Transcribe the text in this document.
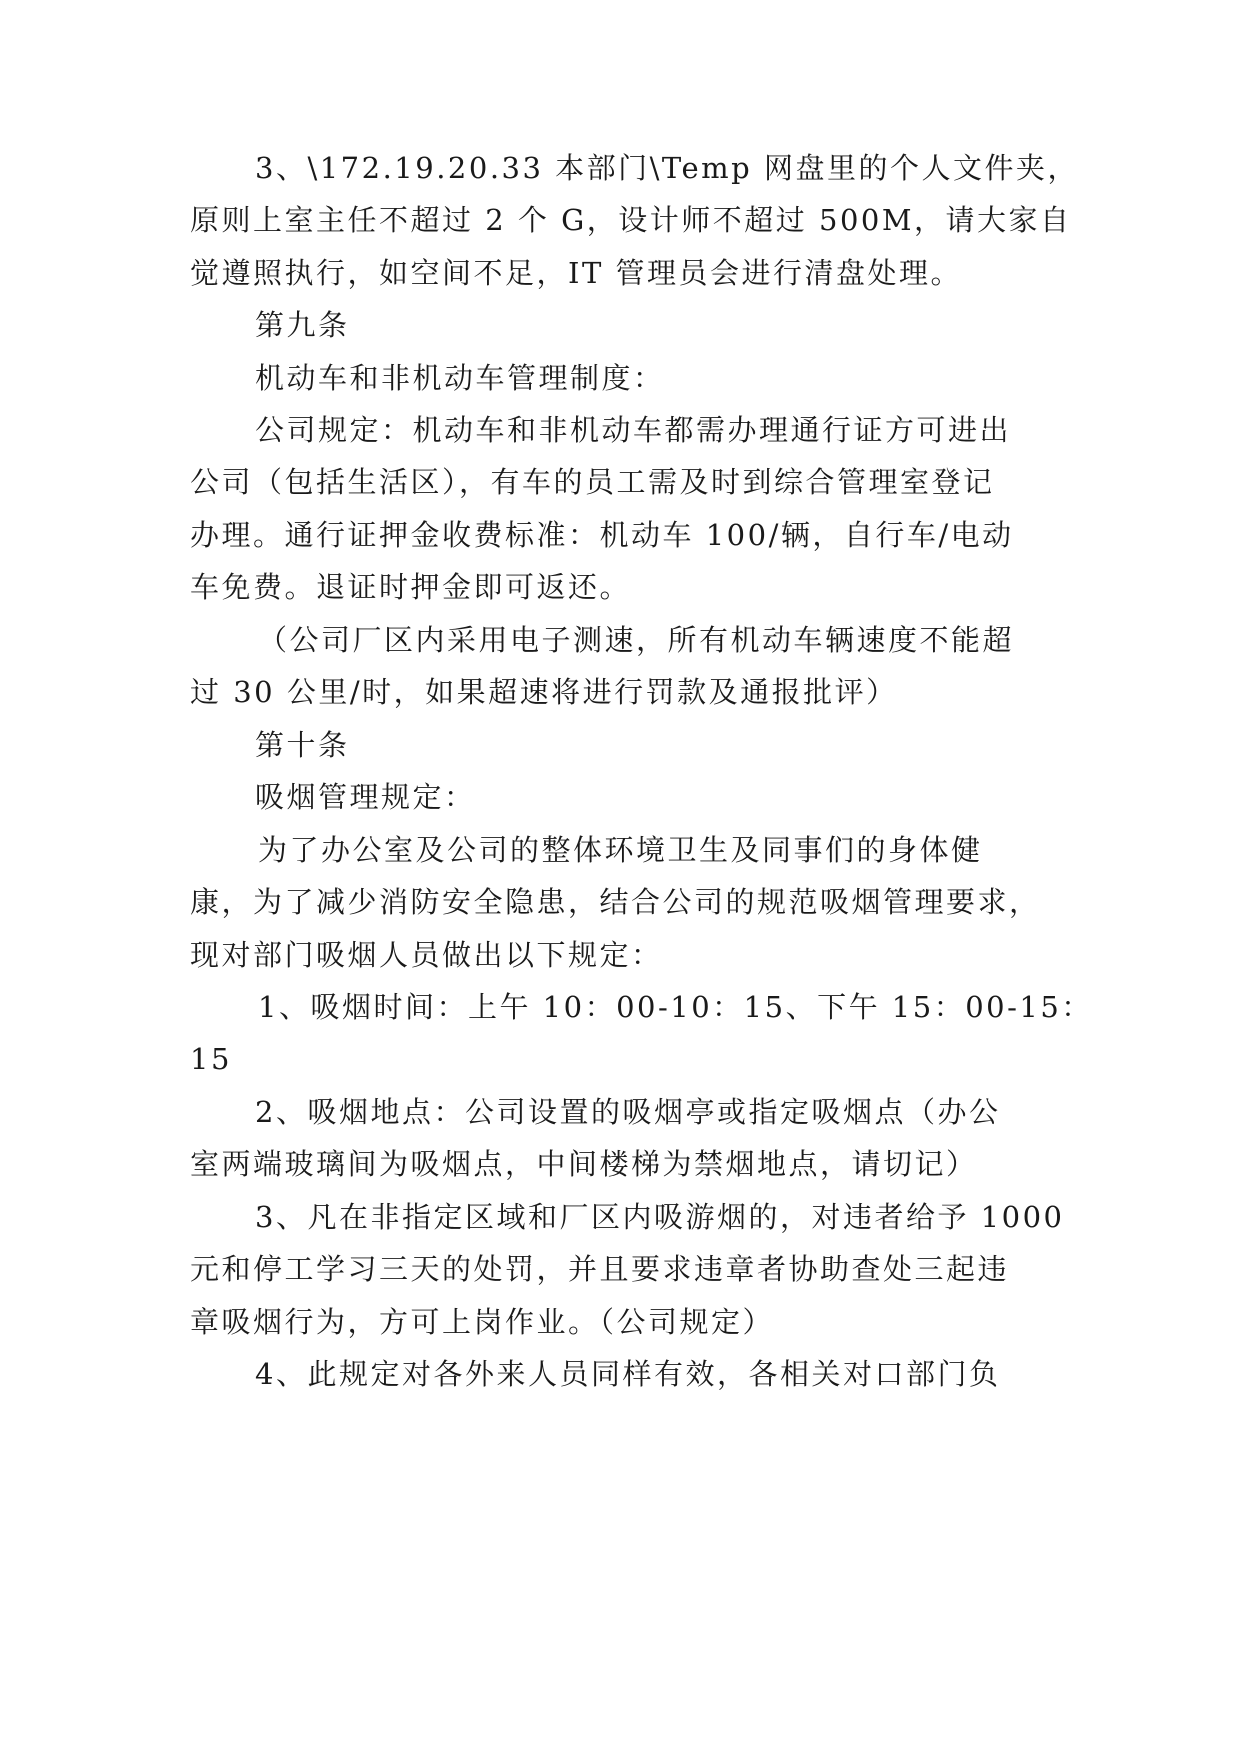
3、\172.19.20.33 本部门\Temp 网盘里的个人文件夹，
原则上室主任不超过 2 个 G，设计师不超过 500M，请大家自
觉遵照执行，如空间不足，IT 管理员会进行清盘处理。
第九条
机动车和非机动车管理制度：
公司规定：机动车和非机动车都需办理通行证方可进出
公司（包括生活区），有车的员工需及时到综合管理室登记
办理。通行证押金收费标准：机动车 100/辆，自行车/电动
车免费。退证时押金即可返还。
（公司厂区内采用电子测速，所有机动车辆速度不能超
过 30 公里/时，如果超速将进行罚款及通报批评）
第十条
吸烟管理规定：
为了办公室及公司的整体环境卫生及同事们的身体健
康，为了减少消防安全隐患，结合公司的规范吸烟管理要求，
现对部门吸烟人员做出以下规定：
1、吸烟时间：上午 10：00-10：15、下午 15：00-15：
15
2、吸烟地点：公司设置的吸烟亭或指定吸烟点（办公
室两端玻璃间为吸烟点，中间楼梯为禁烟地点，请切记）
3、凡在非指定区域和厂区内吸游烟的，对违者给予 1000
元和停工学习三天的处罚，并且要求违章者协助查处三起违
章吸烟行为，方可上岗作业。（公司规定）
4、此规定对各外来人员同样有效，各相关对口部门负
